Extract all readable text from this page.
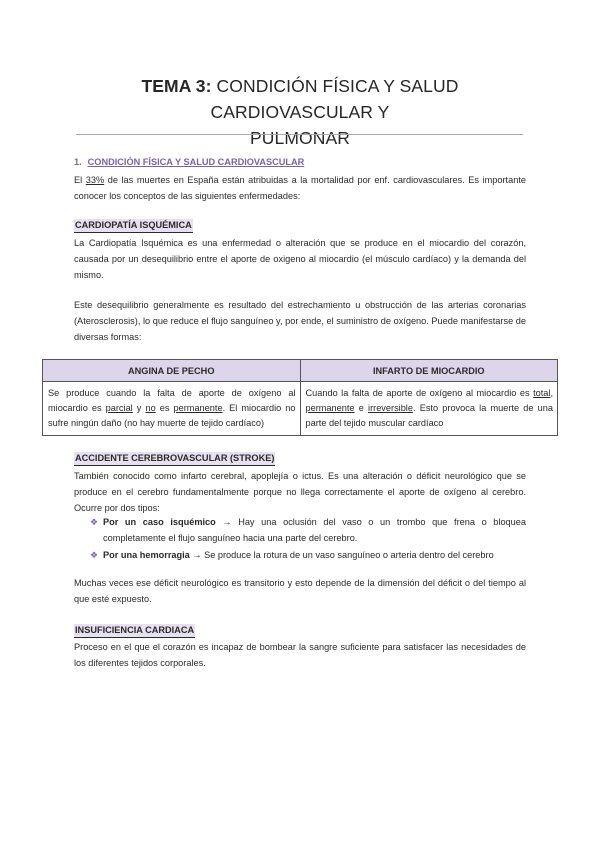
TEMA 3: CONDICIÓN FÍSICA Y SALUD CARDIOVASCULAR Y
PULMONAR
1. CONDICIÓN FÍSICA Y SALUD CARDIOVASCULAR

El 33% de las muertes en España están atribuidas a la mortalidad por enf. cardiovasculares. Es importante conocer los conceptos de las siguientes enfermedades:

CARDIOPATÍA ISQUÉMICA

La Cardiopatía Isquémica es una enfermedad o alteración que se produce en el miocardio del corazón, causada por un desequilibrio entre el aporte de oxigeno al miocardio (el músculo cardíaco) y la demanda del mismo.

Este desequilibrio generalmente es resultado del estrechamiento u obstrucción de las arterias coronarias (Aterosclerosis), lo que reduce el flujo sanguíneo y, por ende, el suministro de oxígeno. Puede manifestarse de diversas formas:

ANGINA DE PECHO	INFARTO DE MIOCARDIO
Se produce cuando la falta de aporte de oxígeno al miocardio es parcial y no es permanente. El miocardio no sufre ningún daño (no hay muerte de tejido cardíaco)	Cuando la falta de aporte de oxígeno al miocardio es total, permanente e irreversible. Esto provoca la muerte de una parte del tejido muscular cardíaco
ACCIDENTE CEREBROVASCULAR (STROKE)

También conocido como infarto cerebral, apoplejía o ictus. Es una alteración o déficit neurológico que se produce en el cerebro fundamentalmente porque no llega correctamente el aporte de oxígeno al cerebro. Ocurre por dos tipos:

❖ Por un caso isquémico → Hay una oclusión del vaso o un trombo que frena o bloquea completamente el flujo sanguíneo hacia una parte del cerebro.
❖ Por una hemorragia → Se produce la rotura de un vaso sanguíneo o arteria dentro del cerebro

Muchas veces ese déficit neurológico es transitorio y esto depende de la dimensión del déficit o del tiempo al que esté expuesto.

INSUFICIENCIA CARDIACA

Proceso en el que el corazón es incapaz de bombear la sangre suficiente para satisfacer las necesidades de los diferentes tejidos corporales.
